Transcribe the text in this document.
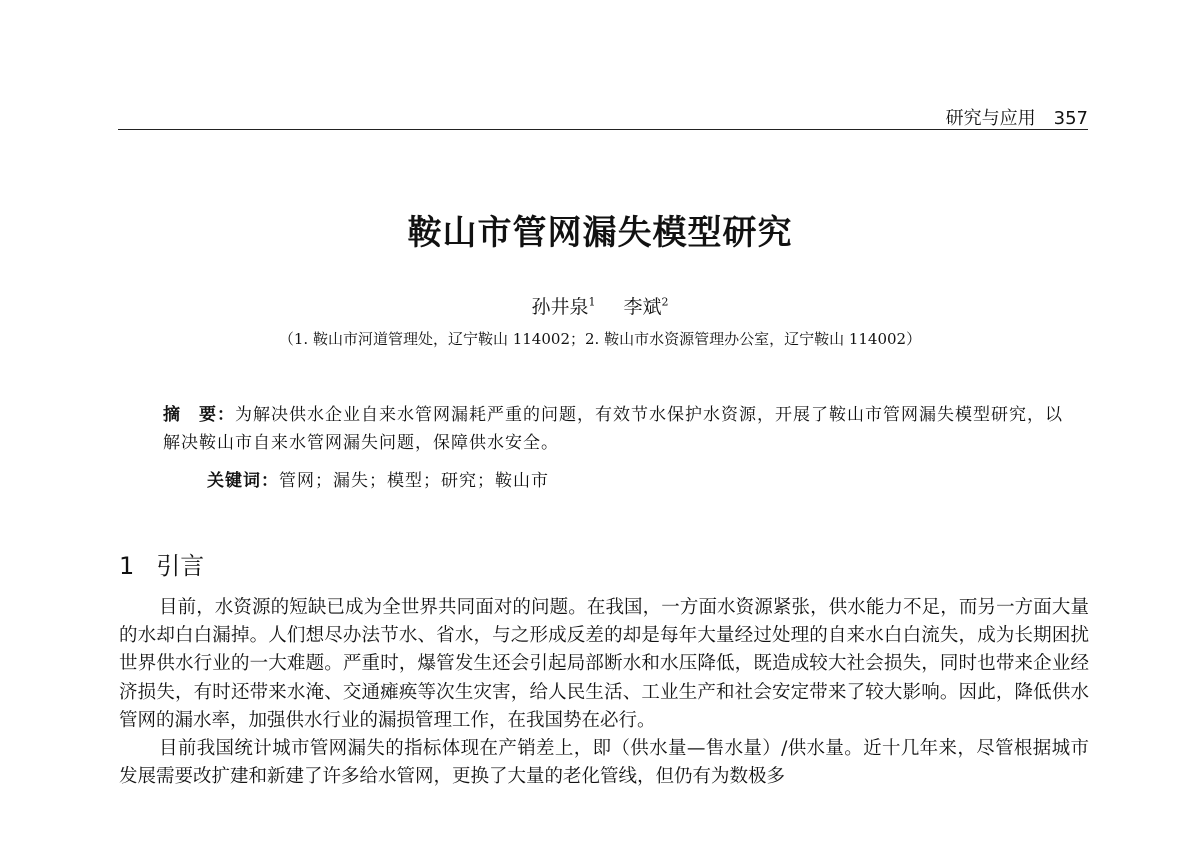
研究与应用 357
鞍山市管网漏失模型研究
孙井泉$^1$ 李斌$^2$
（1. 鞍山市河道管理处，辽宁鞍山 114002；2. 鞍山市水资源管理办公室，辽宁鞍山 114002）
摘　要：为解决供水企业自来水管网漏耗严重的问题，有效节水保护水资源，开展了鞍山市管网漏失模型研究，以解决鞍山市自来水管网漏失问题，保障供水安全。
关键词：管网；漏失；模型；研究；鞍山市
1 引言

目前，水资源的短缺已成为全世界共同面对的问题。在我国，一方面水资源紧张，供水能力不足，而另一方面大量的水却白白漏掉。人们想尽办法节水、省水，与之形成反差的却是每年大量经过处理的自来水白白流失，成为长期困扰世界供水行业的一大难题。严重时，爆管发生还会引起局部断水和水压降低，既造成较大社会损失，同时也带来企业经济损失，有时还带来水淹、交通瘫痪等次生灾害，给人民生活、工业生产和社会安定带来了较大影响。因此，降低供水管网的漏水率，加强供水行业的漏损管理工作，在我国势在必行。

目前我国统计城市管网漏失的指标体现在产销差上，即（供水量—售水量）/供水量。近十几年来，尽管根据城市发展需要改扩建和新建了许多给水管网，更换了大量的老化管线，但仍有为数极多
